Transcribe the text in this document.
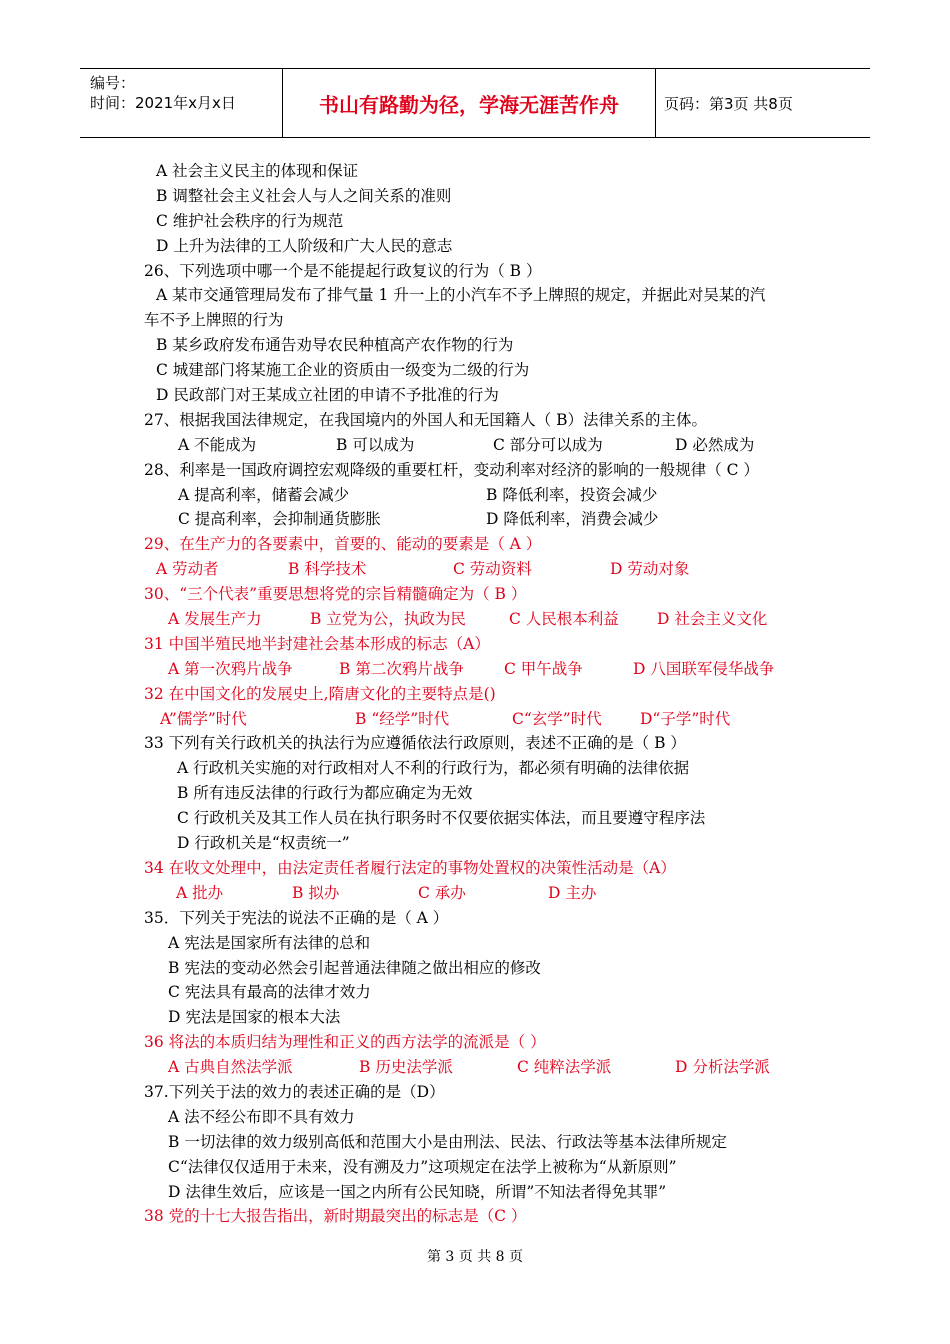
编号：
时间：2021年x月x日	书山有路勤为径，学海无涯苦作舟	页码：第3页 共8页
A 社会主义民主的体现和保证
B 调整社会主义社会人与人之间关系的准则
C 维护社会秩序的行为规范
D 上升为法律的工人阶级和广大人民的意志
26、下列选项中哪一个是不能提起行政复议的行为（ B ）
A 某市交通管理局发布了排气量 1 升一上的小汽车不予上牌照的规定，并据此对吴某的汽
车不予上牌照的行为
B 某乡政府发布通告劝导农民种植高产农作物的行为
C 城建部门将某施工企业的资质由一级变为二级的行为
D 民政部门对王某成立社团的申请不予批准的行为
27、根据我国法律规定，在我国境内的外国人和无国籍人（ B）法律关系的主体。
A 不能成为	B 可以成为	C 部分可以成为	D 必然成为
28、利率是一国政府调控宏观降级的重要杠杆，变动利率对经济的影响的一般规律（ C ）
A 提高利率，储蓄会减少	B 降低利率，投资会减少
C 提高利率，会抑制通货膨胀	D 降低利率，消费会减少
29、在生产力的各要素中，首要的、能动的要素是（ A ）
A 劳动者	B 科学技术	C 劳动资料	D 劳动对象
30、“三个代表”重要思想将党的宗旨精髓确定为（ B ）
A 发展生产力	B 立党为公，执政为民	C 人民根本利益 D 社会主义文化
31 中国半殖民地半封建社会基本形成的标志（A）
A 第一次鸦片战争	B 第二次鸦片战争	C 甲午战争	D 八国联军侵华战争
32 在中国文化的发展史上,隋唐文化的主要特点是()
A”儒学”时代	B “经学”时代	C“玄学”时代 D“子学”时代
33 下列有关行政机关的执法行为应遵循依法行政原则，表述不正确的是（ B ）
A 行政机关实施的对行政相对人不利的行政行为，都必须有明确的法律依据
B 所有违反法律的行政行为都应确定为无效
C 行政机关及其工作人员在执行职务时不仅要依据实体法，而且要遵守程序法
D 行政机关是“权责统一”
34 在收文处理中，由法定责任者履行法定的事物处置权的决策性活动是（A）
A 批办	B 拟办	C 承办	D 主办
35．下列关于宪法的说法不正确的是（ A ）
A 宪法是国家所有法律的总和
B 宪法的变动必然会引起普通法律随之做出相应的修改
C 宪法具有最高的法律才效力
D 宪法是国家的根本大法
36 将法的本质归结为理性和正义的西方法学的流派是（ ）
A 古典自然法学派	B 历史法学派	C 纯粹法学派	D 分析法学派
37.下列关于法的效力的表述正确的是（D）
A 法不经公布即不具有效力
B 一切法律的效力级别高低和范围大小是由刑法、民法、行政法等基本法律所规定
C“法律仅仅适用于未来，没有溯及力”这项规定在法学上被称为“从新原则”
D 法律生效后，应该是一国之内所有公民知晓，所谓”不知法者得免其罪”
38 党的十七大报告指出，新时期最突出的标志是（C ）
第 3 页 共 8 页
